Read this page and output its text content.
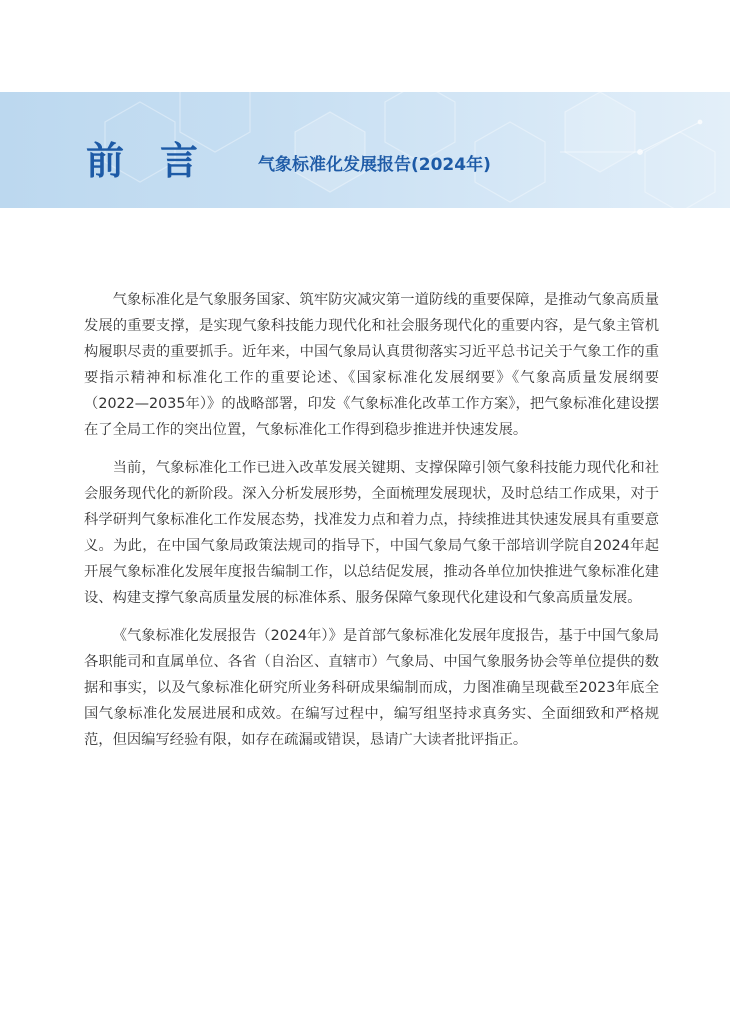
前言 气象标准化发展报告(2024年)

气象标准化是气象服务国家、筑牢防灾减灾第一道防线的重要保障，是推动气象高质量发展的重要支撑，是实现气象科技能力现代化和社会服务现代化的重要内容，是气象主管机构履职尽责的重要抓手。近年来，中国气象局认真贯彻落实习近平总书记关于气象工作的重要指示精神和标准化工作的重要论述、《国家标准化发展纲要》《气象高质量发展纲要（2022—2035年）》的战略部署，印发《气象标准化改革工作方案》，把气象标准化建设摆在了全局工作的突出位置，气象标准化工作得到稳步推进并快速发展。

当前，气象标准化工作已进入改革发展关键期、支撑保障引领气象科技能力现代化和社会服务现代化的新阶段。深入分析发展形势，全面梳理发展现状，及时总结工作成果，对于科学研判气象标准化工作发展态势，找准发力点和着力点，持续推进其快速发展具有重要意义。为此，在中国气象局政策法规司的指导下，中国气象局气象干部培训学院自2024年起开展气象标准化发展年度报告编制工作，以总结促发展，推动各单位加快推进气象标准化建设、构建支撑气象高质量发展的标准体系、服务保障气象现代化建设和气象高质量发展。

《气象标准化发展报告（2024年）》是首部气象标准化发展年度报告，基于中国气象局各职能司和直属单位、各省（自治区、直辖市）气象局、中国气象服务协会等单位提供的数据和事实，以及气象标准化研究所业务科研成果编制而成，力图准确呈现截至2023年底全国气象标准化发展进展和成效。在编写过程中，编写组坚持求真务实、全面细致和严格规范，但因编写经验有限，如存在疏漏或错误，恳请广大读者批评指正。
